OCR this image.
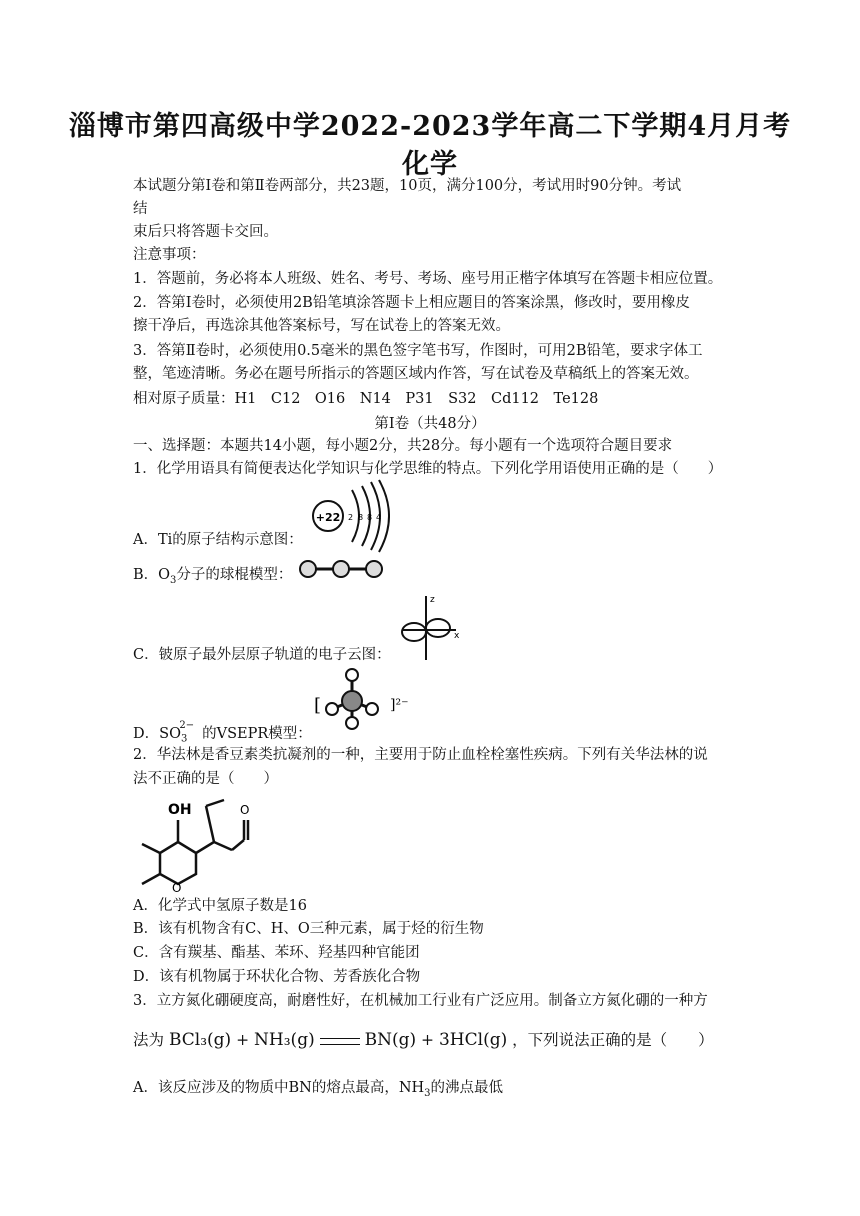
淄博市第四高级中学2022-2023学年高二下学期4月月考
化学
本试题分第Ⅰ卷和第Ⅱ卷两部分，共23题，10页，满分100分，考试用时90分钟。考试
结
束后只将答题卡交回。
注意事项：
1．答题前，务必将本人班级、姓名、考号、考场、座号用正楷字体填写在答题卡相应位置。
2．答第Ⅰ卷时，必须使用2B铅笔填涂答题卡上相应题目的答案涂黑，修改时，要用橡皮
擦干净后，再选涂其他答案标号，写在试卷上的答案无效。
3．答第Ⅱ卷时，必须使用0.5毫米的黑色签字笔书写，作图时，可用2B铅笔，要求字体工
整，笔迹清晰。务必在题号所指示的答题区域内作答，写在试卷及草稿纸上的答案无效。
相对原子质量：H1　C12　O16　N14　P31　S32　Cd112　Te128
第Ⅰ卷（共48分）
一、选择题：本题共14小题，每小题2分，共28分。每小题有一个选项符合题目要求
1．化学用语具有简便表达化学知识与化学思维的特点。下列化学用语使用正确的是（　　）
A．Ti的原子结构示意图：
+22 2 8 8 4
B．$O_3$分子的球棍模型：
C．铍原子最外层原子轨道的电子云图：
z
x
D．$SO_3^{2-}$的VSEPR模型：
[	]²⁻
2．华法林是香豆素类抗凝剂的一种，主要用于防止血栓栓塞性疾病。下列有关华法林的说
法不正确的是（　　）
OH	O
O
A．化学式中氢原子数是16
B．该有机物含有C、H、O三种元素，属于烃的衍生物
C．含有羰基、酯基、苯环、羟基四种官能团
D．该有机物属于环状化合物、芳香族化合物
3．立方氮化硼硬度高，耐磨性好，在机械加工行业有广泛应用。制备立方氮化硼的一种方
法为 BCl₃(g) + NH₃(g)	BN(g) + 3HCl(g) ，下列说法正确的是（　　）
A．该反应涉及的物质中BN的熔点最高，$NH_3$的沸点最低
